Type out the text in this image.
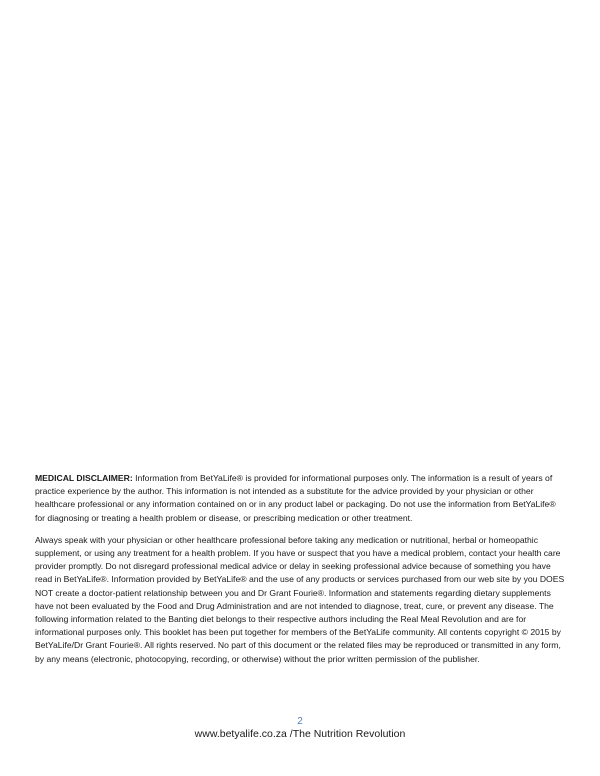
MEDICAL DISCLAIMER: Information from BetYaLife® is provided for informational purposes only. The information is a result of years of practice experience by the author. This information is not intended as a substitute for the advice provided by your physician or other healthcare professional or any information contained on or in any product label or packaging. Do not use the information from BetYaLife® for diagnosing or treating a health problem or disease, or prescribing medication or other treatment.

Always speak with your physician or other healthcare professional before taking any medication or nutritional, herbal or homeopathic supplement, or using any treatment for a health problem. If you have or suspect that you have a medical problem, contact your health care provider promptly. Do not disregard professional medical advice or delay in seeking professional advice because of something you have read in BetYaLife®. Information provided by BetYaLife® and the use of any products or services purchased from our web site by you DOES NOT create a doctor-patient relationship between you and Dr Grant Fourie®. Information and statements regarding dietary supplements have not been evaluated by the Food and Drug Administration and are not intended to diagnose, treat, cure, or prevent any disease. The following information related to the Banting diet belongs to their respective authors including the Real Meal Revolution and are for informational purposes only. This booklet has been put together for members of the BetYaLife community. All contents copyright © 2015 by BetYaLife/Dr Grant Fourie®. All rights reserved. No part of this document or the related files may be reproduced or transmitted in any form, by any means (electronic, photocopying, recording, or otherwise) without the prior written permission of the publisher.

2
www.betyalife.co.za /The Nutrition Revolution
